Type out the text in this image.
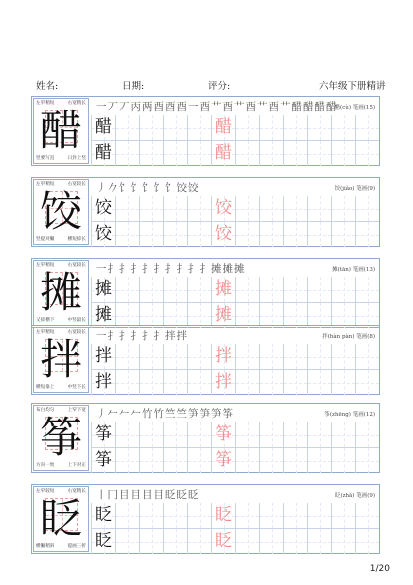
姓名:	日期:	评分:	六年级下册精讲
左窄稍短	右宽稍长
醋
竖要写直	日封上竖
一丆丆丙两酉酉酉一酉艹酉艹酉艹酉艹醋醋醋醋
醋(cù) 笔画(15)
醋	醋
醋	醋
左窄稍短	右宽较长
饺
竖提对撇	横短捺长
丿𠂊饣饣饣饣饣饺饺	饺(jiǎo) 笔画(9)
饺	饺
饺	饺
左窄稍短	右宽较长
摊
又捺横下	中竖最长
一扌扌扌扌扌扌扌扌扌摊摊摊	摊(tān) 笔画(13)
摊	摊
摊	摊
左窄稍短	右宽较长
拌
横短靠上	中竖下长
一扌扌扌扌扌拌拌	拌(bàn pàn) 笔画(8)
拌	拌
拌	拌
布白均匀	上窄下宽
筝
方向一致	上下对正
丿𠂉𠂉𠂉竹竹竺竺笋笋笋筝	筝(zhēng) 笔画(12)
筝	筝
筝	筝
左窄较短	右宽稍长
眨
横撇稍斜	提画三折
丨冂目目目目眨眨眨	眨(zhǎ) 笔画(9)
眨	眨
眨	眨
1/20
